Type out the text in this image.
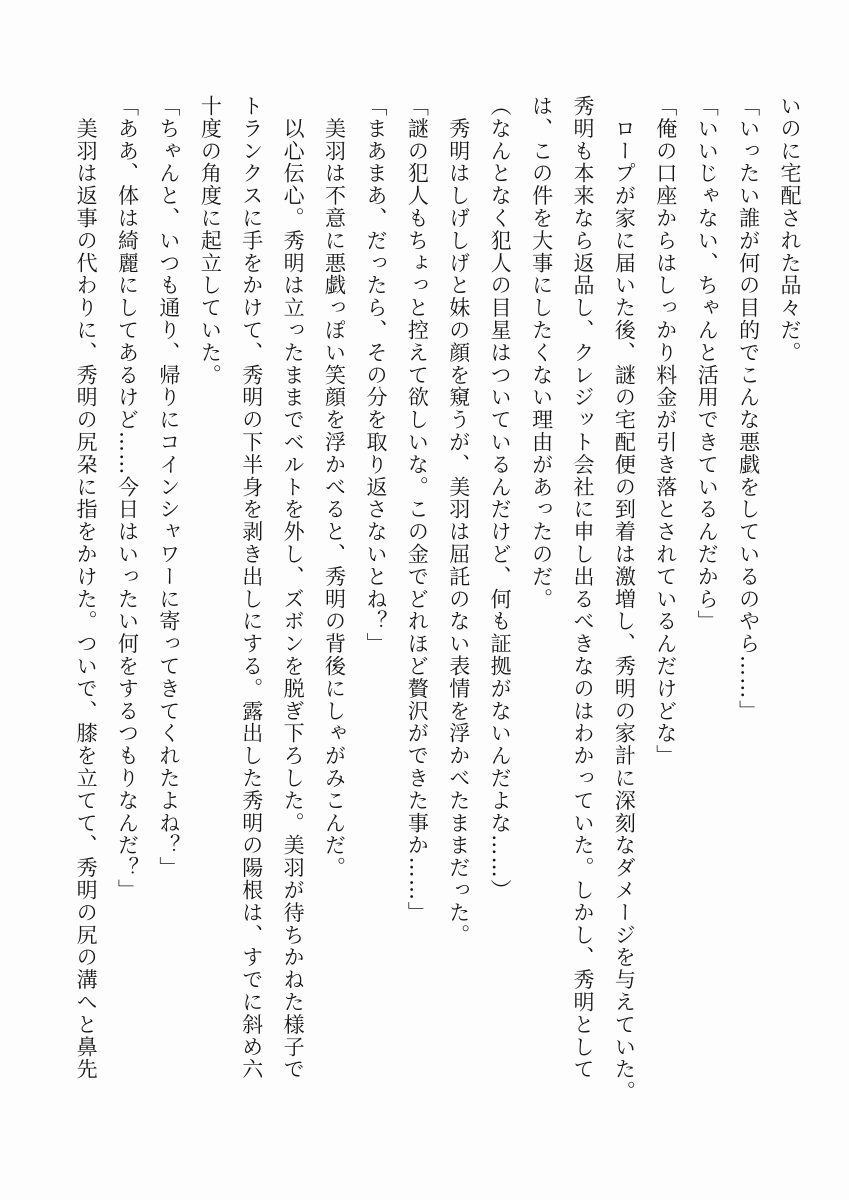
いのに宅配された品々だ。
「いったい誰が何の目的でこんな悪戯をしているのやら……」
「いいじゃない、ちゃんと活用できているんだから」
「俺の口座からはしっかり料金が引き落とされているんだけどな」
　ロープが家に届いた後、謎の宅配便の到着は激増し、秀明の家計に深刻なダメージを与えていた。
秀明も本来なら返品し、クレジット会社に申し出るべきなのはわかっていた。しかし、秀明として
は、この件を大事にしたくない理由があったのだ。
（なんとなく犯人の目星はついているんだけど、何も証拠がないんだよな……）
　秀明はしげしげと妹の顔を窺うが、美羽は屈託のない表情を浮かべたままだった。
「謎の犯人もちょっと控えて欲しいな。この金でどれほど贅沢ができた事か……」
「まあまあ、だったら、その分を取り返さないとね？」
　美羽は不意に悪戯っぽい笑顔を浮かべると、秀明の背後にしゃがみこんだ。
　以心伝心。秀明は立ったままでベルトを外し、ズボンを脱ぎ下ろした。美羽が待ちかねた様子で
トランクスに手をかけて、秀明の下半身を剥き出しにする。露出した秀明の陽根は、すでに斜め六
十度の角度に起立していた。
「ちゃんと、いつも通り、帰りにコインシャワーに寄ってきてくれたよね？」
「ああ、体は綺麗にしてあるけど……今日はいったい何をするつもりなんだ？」
　美羽は返事の代わりに、秀明の尻朶に指をかけた。ついで、膝を立てて、秀明の尻の溝へと鼻先
